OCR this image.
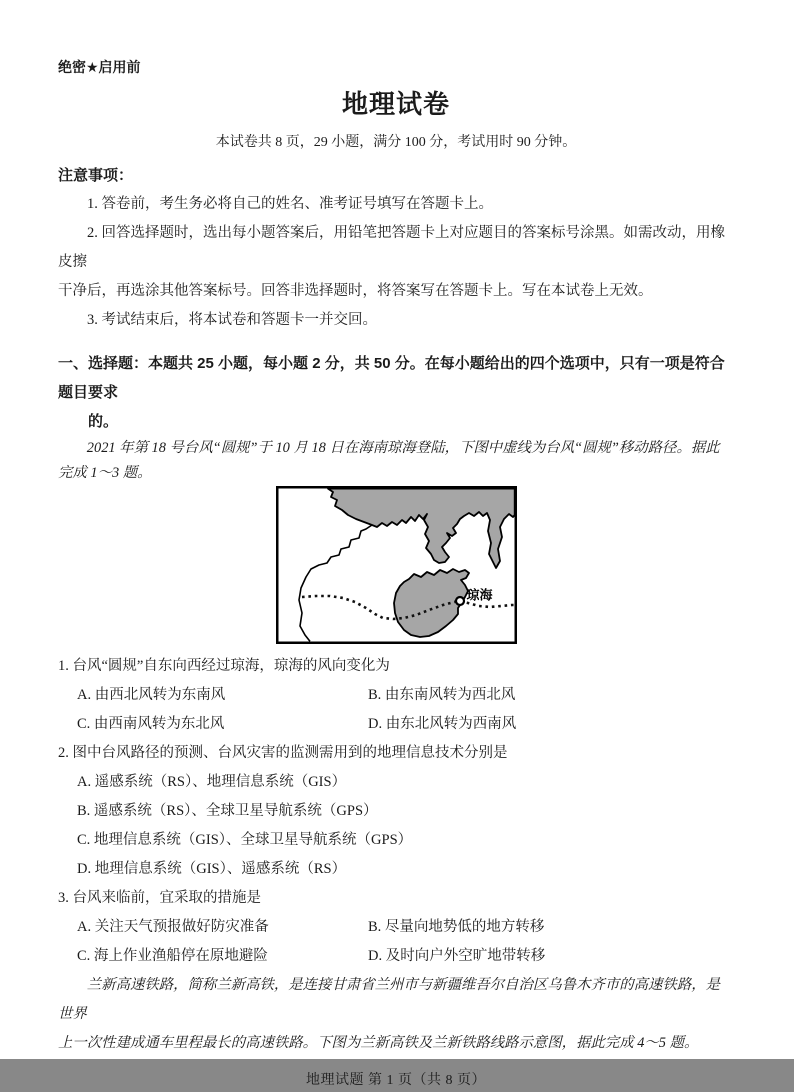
绝密★启用前
地理试卷
本试卷共 8 页，29 小题，满分 100 分，考试用时 90 分钟。
注意事项：
1. 答卷前，考生务必将自己的姓名、准考证号填写在答题卡上。
2. 回答选择题时，选出每小题答案后，用铅笔把答题卡上对应题目的答案标号涂黑。如需改动，用橡皮擦
干净后，再选涂其他答案标号。回答非选择题时，将答案写在答题卡上。写在本试卷上无效。
3. 考试结束后，将本试卷和答题卡一并交回。
一、选择题：本题共 25 小题，每小题 2 分，共 50 分。在每小题给出的四个选项中，只有一项是符合题目要求
的。
2021 年第 18 号台风“圆规”于 10 月 18 日在海南琼海登陆，下图中虚线为台风“圆规”移动路径。据此
完成 1～3 题。
琼海

1. 台风“圆规”自东向西经过琼海，琼海的风向变化为

A. 由西北风转为东南风	B. 由东南风转为西北风
C. 由西南风转为东北风	D. 由东北风转为西南风

2. 图中台风路径的预测、台风灾害的监测需用到的地理信息技术分别是

A. 遥感系统（RS）、地理信息系统（GIS）
B. 遥感系统（RS）、全球卫星导航系统（GPS）
C. 地理信息系统（GIS）、全球卫星导航系统（GPS）
D. 地理信息系统（GIS）、遥感系统（RS）

3. 台风来临前，宜采取的措施是

A. 关注天气预报做好防灾准备	B. 尽量向地势低的地方转移
C. 海上作业渔船停在原地避险	D. 及时向户外空旷地带转移
兰新高速铁路，简称兰新高铁，是连接甘肃省兰州市与新疆维吾尔自治区乌鲁木齐市的高速铁路，是世界
上一次性建成通车里程最长的高速铁路。下图为兰新高铁及兰新铁路线路示意图，据此完成 4～5 题。
地理试题 第 1 页（共 8 页）
